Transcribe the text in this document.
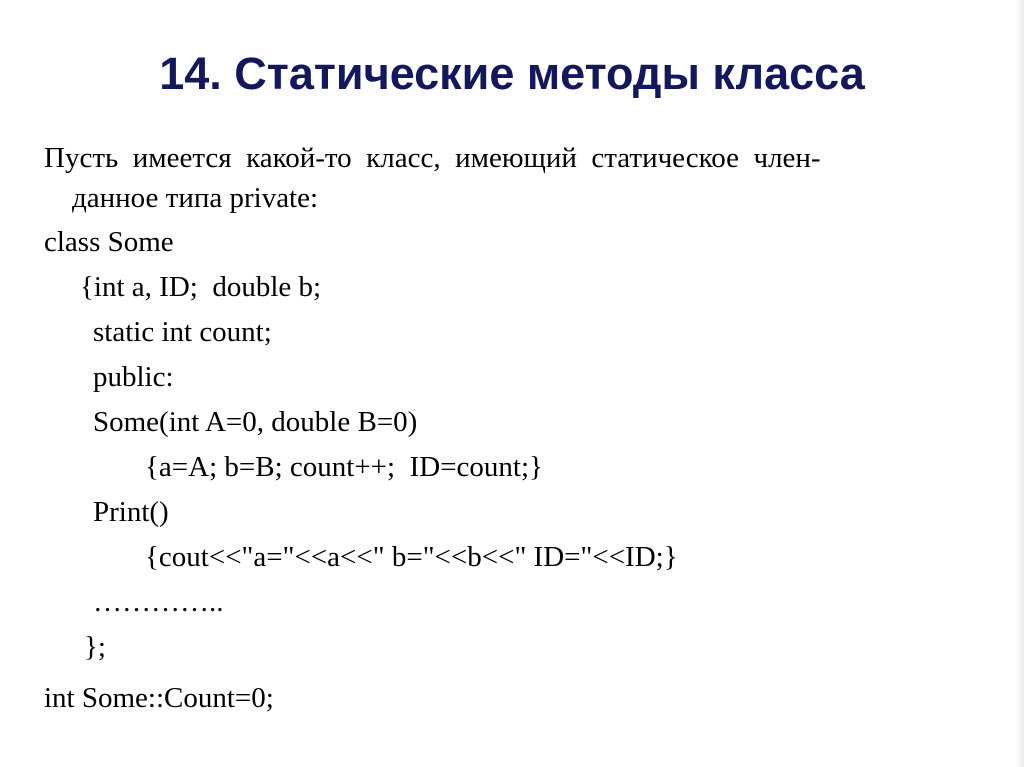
14. Статические методы класса
Пусть  имеется  какой-то  класс,  имеющий  статическое  член-
данное типа private:
class Some
{int a, ID;  double b;
static int count;
public:
Some(int A=0, double B=0)
{a=A; b=B; count++;  ID=count;}
Print()
{cout<<"a="<<a<<" b="<<b<<" ID="<<ID;}
…………..
};
int Some::Count=0;
